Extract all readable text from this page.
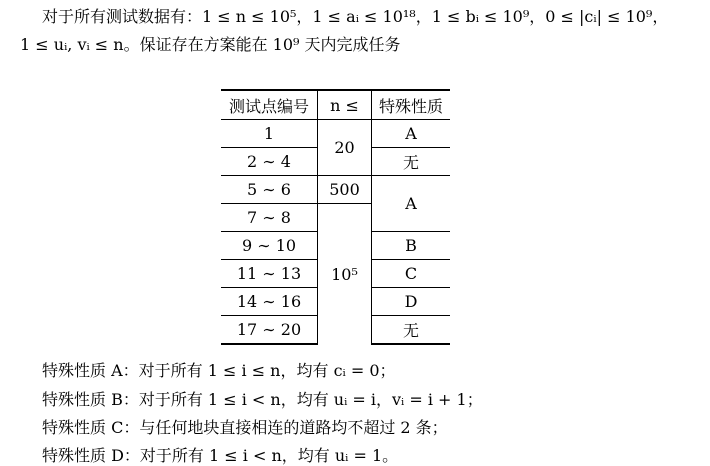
对于所有测试数据有：1 ≤ n ≤ 10⁵，1 ≤ aᵢ ≤ 10¹⁸，1 ≤ bᵢ ≤ 10⁹，0 ≤ |cᵢ| ≤ 10⁹，
1 ≤ uᵢ, vᵢ ≤ n。保证存在方案能在 10⁹ 天内完成任务
测试点编号	n ≤	特殊性质
1	20	A
2 ∼ 4		无
5 ∼ 6	500	A
7 ∼ 8	10⁵	
9 ∼ 10		B
11 ∼ 13		C
14 ∼ 16		D
17 ∼ 20		无
特殊性质 A：对于所有 1 ≤ i ≤ n，均有 cᵢ = 0；
特殊性质 B：对于所有 1 ≤ i < n，均有 uᵢ = i，vᵢ = i + 1；
特殊性质 C：与任何地块直接相连的道路均不超过 2 条；
特殊性质 D：对于所有 1 ≤ i < n，均有 uᵢ = 1。
